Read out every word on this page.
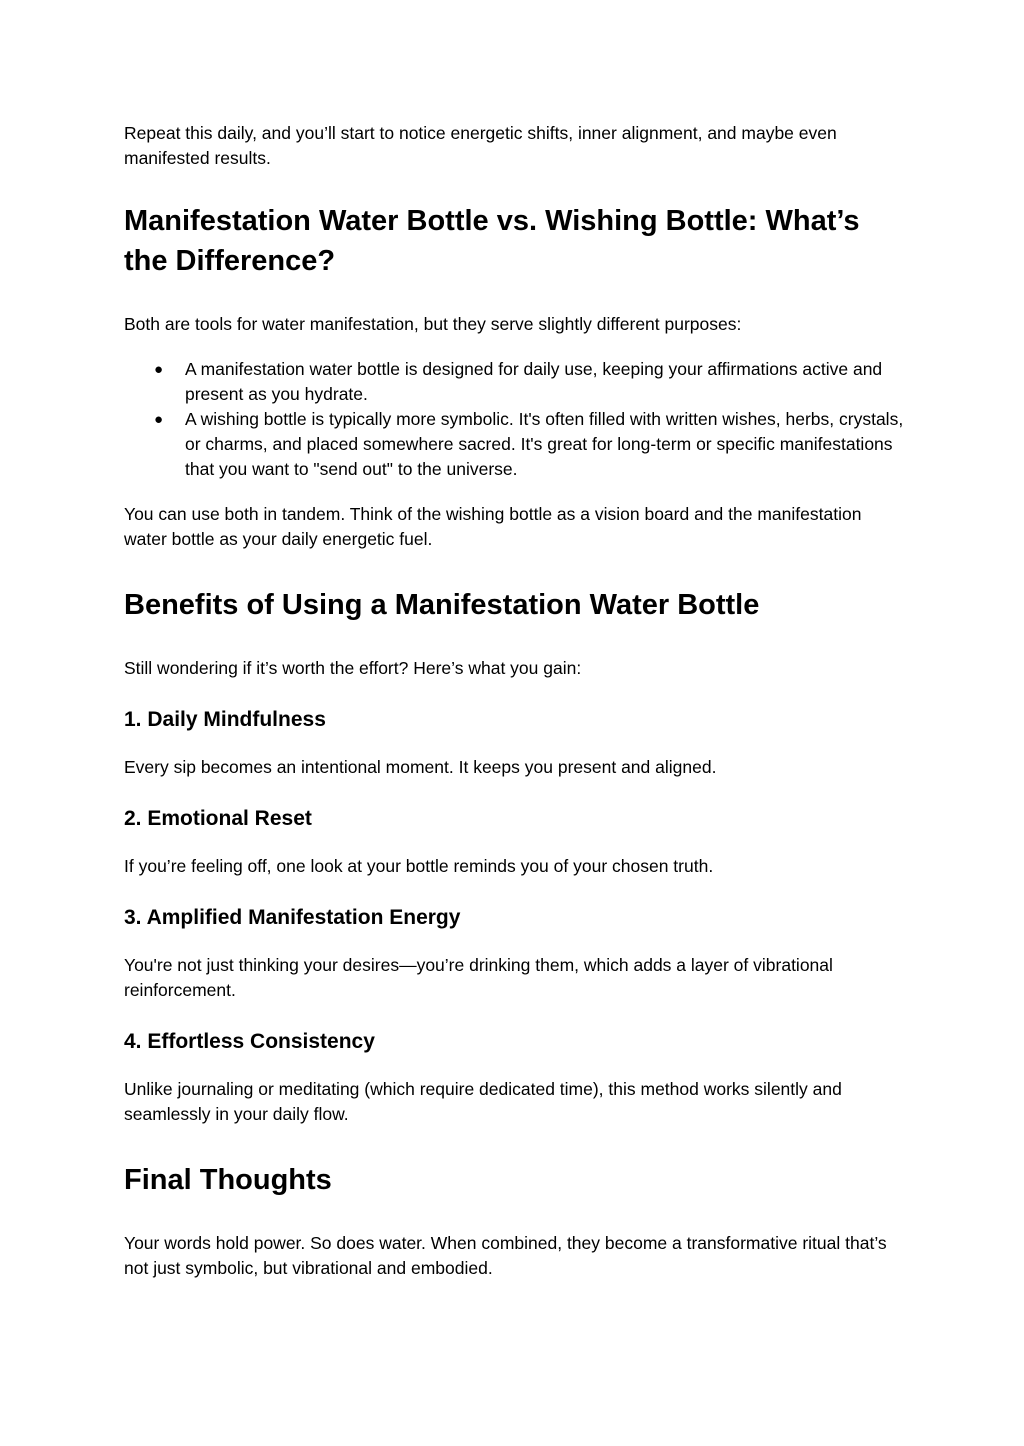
Repeat this daily, and you’ll start to notice energetic shifts, inner alignment, and maybe even manifested results.

Manifestation Water Bottle vs. Wishing Bottle: What’s the Difference?

Both are tools for water manifestation, but they serve slightly different purposes:

● A manifestation water bottle is designed for daily use, keeping your affirmations active and present as you hydrate.
● A wishing bottle is typically more symbolic. It's often filled with written wishes, herbs, crystals, or charms, and placed somewhere sacred. It's great for long-term or specific manifestations that you want to "send out" to the universe.

You can use both in tandem. Think of the wishing bottle as a vision board and the manifestation water bottle as your daily energetic fuel.

Benefits of Using a Manifestation Water Bottle

Still wondering if it’s worth the effort? Here’s what you gain:

1. Daily Mindfulness

Every sip becomes an intentional moment. It keeps you present and aligned.

2. Emotional Reset

If you’re feeling off, one look at your bottle reminds you of your chosen truth.

3. Amplified Manifestation Energy

You're not just thinking your desires—you’re drinking them, which adds a layer of vibrational reinforcement.

4. Effortless Consistency

Unlike journaling or meditating (which require dedicated time), this method works silently and seamlessly in your daily flow.

Final Thoughts

Your words hold power. So does water. When combined, they become a transformative ritual that’s not just symbolic, but vibrational and embodied.
